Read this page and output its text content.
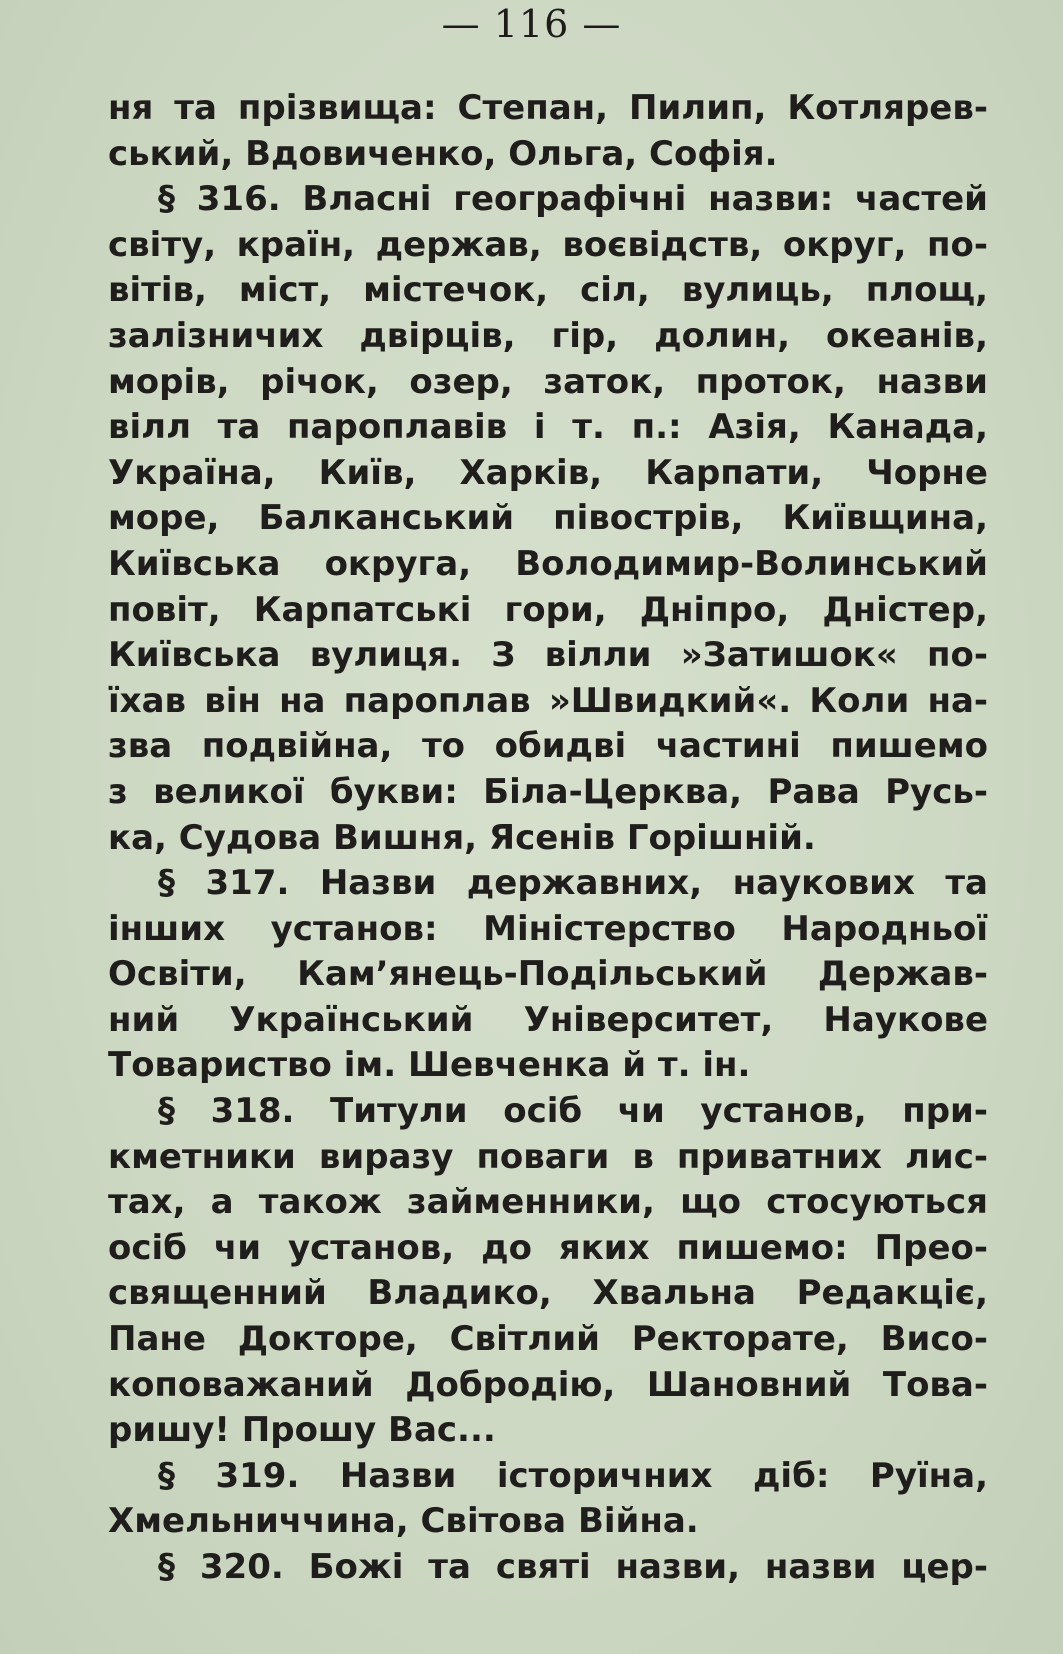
— 116 —
ня та прізвища: Степан, Пилип, Котлярев-
ський, Вдовиченко, Ольга, Софія.
§ 316. Власні географічні назви: частей
світу, країн, держав, воєвідств, округ, по-
вітів, міст, містечок, сіл, вулиць, площ,
залізничих двірців, гір, долин, океанів,
морів, річок, озер, заток, проток, назви
вілл та пароплавів і т. п.: Азія, Канада,
Україна, Київ, Харків, Карпати, Чорне
море, Балканський півострів, Київщина,
Київська округа, Володимир-Волинський
повіт, Карпатські гори, Дніпро, Дністер,
Київська вулиця. З вілли »Затишок« по-
їхав він на пароплав »Швидкий«. Коли на-
зва подвійна, то обидві частині пишемо
з великої букви: Біла-Церква, Рава Русь-
ка, Судова Вишня, Ясенів Горішній.
§ 317. Назви державних, наукових та
інших установ: Міністерство Народньої
Освіти, Кам’янець-Подільський Держав-
ний Український Університет, Наукове
Товариство ім. Шевченка й т. ін.
§ 318. Титули осіб чи установ, при-
кметники виразу поваги в приватних лис-
тах, а також займенники, що стосуються
осіб чи установ, до яких пишемо: Прео-
священний Владико, Хвальна Редакціє,
Пане Докторе, Світлий Ректорате, Висо-
коповажаний Добродію, Шановний Това-
ришу! Прошу Вас...
§ 319. Назви історичних діб: Руїна,
Хмельниччина, Світова Війна.
§ 320. Божі та святі назви, назви цер-
